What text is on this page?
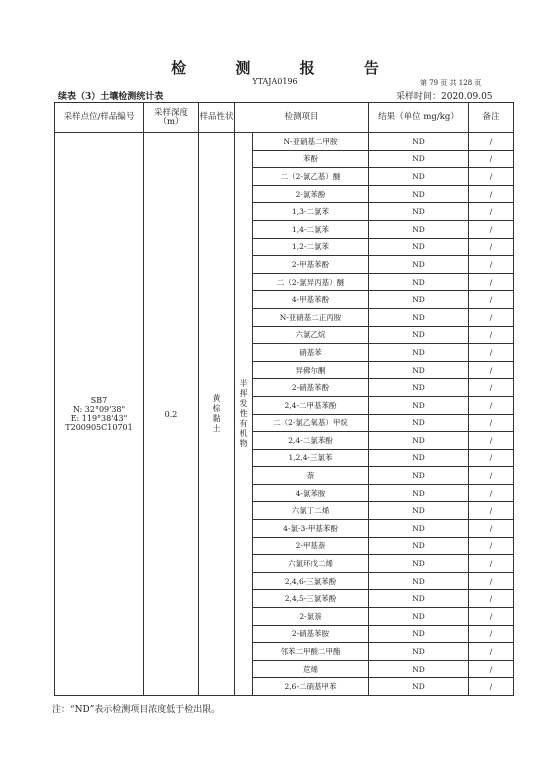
检 测 报 告
YTAJA0196	第 79 页 共 128 页
续表（3）土壤检测统计表	采样时间：2020.09.05
采样点位/样品编号	采样深度（m）	样品性状	检测项目		结果（单位 mg/kg）	备注

SB7
N: 32°09'38"
E: 119°38'43"
T200905C10701	0.2	黄棕黏土	半挥发性有机物	N-亚硝基二甲胺	ND	/
				苯酚	ND	/
				二（2-氯乙基）醚	ND	/
				2-氯苯酚	ND	/
				1,3-二氯苯	ND	/
				1,4-二氯苯	ND	/
				1,2-二氯苯	ND	/
				2-甲基苯酚	ND	/
				二（2-氯异丙基）醚	ND	/
				4-甲基苯酚	ND	/
				N-亚硝基二正丙胺	ND	/
				六氯乙烷	ND	/
				硝基苯	ND	/
				异佛尔酮	ND	/
				2-硝基苯酚	ND	/
				2,4-二甲基苯酚	ND	/
				二（2-氯乙氧基）甲烷	ND	/
				2,4-二氯苯酚	ND	/
				1,2,4-三氯苯	ND	/
				萘	ND	/
				4-氯苯胺	ND	/
				六氯丁二烯	ND	/
				4-氯-3-甲基苯酚	ND	/
				2-甲基萘	ND	/
				六氯环戊二烯	ND	/
				2,4,6-三氯苯酚	ND	/
				2,4,5-三氯苯酚	ND	/
				2-氯萘	ND	/
				2-硝基苯胺	ND	/
				邻苯二甲酸二甲酯	ND	/
				苊烯	ND	/
				2,6-二硝基甲苯	ND	/
注：“ND”表示检测项目浓度低于检出限。
